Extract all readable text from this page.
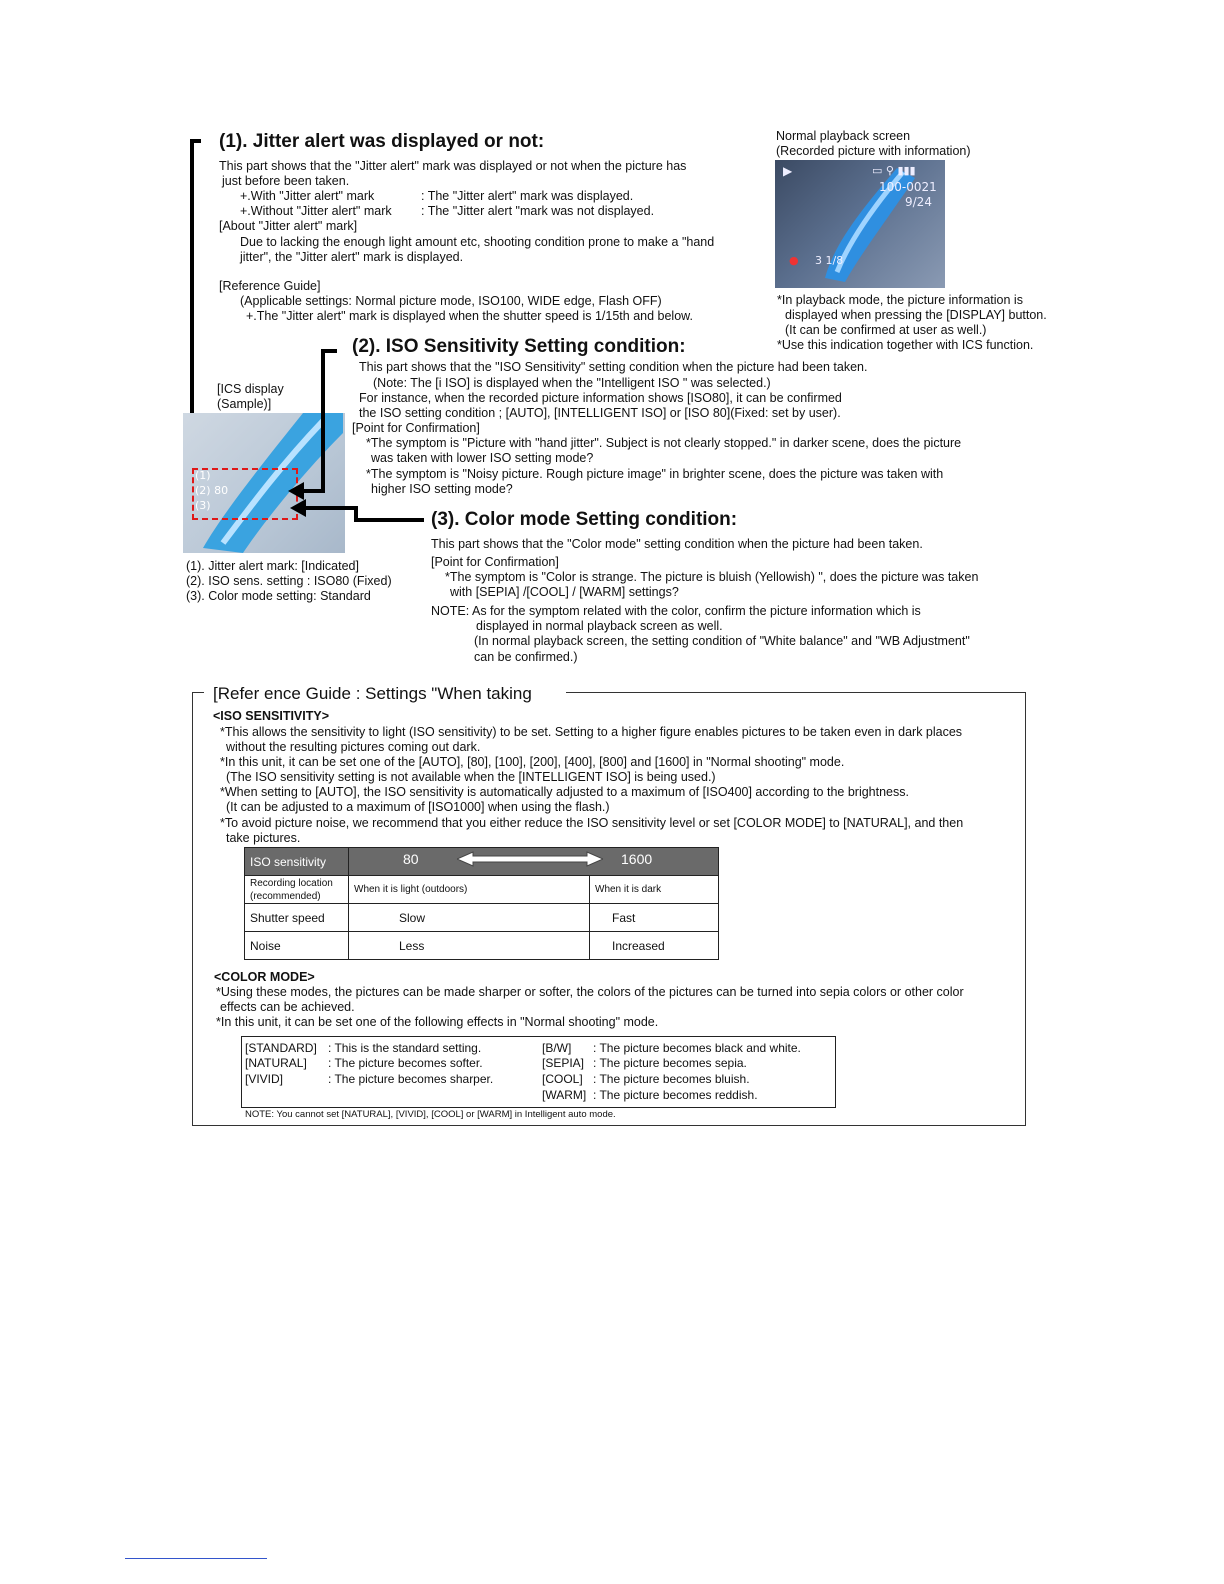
(1). Jitter alert was displayed or not:
This part shows that the "Jitter alert" mark was displayed or not when the picture has
just before been taken.
+.With "Jitter alert" mark	: The "Jitter alert" mark was displayed.
+.Without "Jitter alert" mark : The "Jitter alert "mark was not displayed.
[About "Jitter alert" mark]
Due to lacking the enough light amount etc, shooting condition prone to make a "hand
jitter", the "Jitter alert" mark is displayed.
[Reference Guide]
(Applicable settings: Normal picture mode, ISO100, WIDE edge, Flash OFF)
+.The "Jitter alert" mark is displayed when the shutter speed is 1/15th and below.
Normal playback screen
(Recorded picture with information)
▶	▭ ⚲ ▮▮▮
100-0021
9/24
● 3 1/8
*In playback mode, the picture information is
displayed when pressing the [DISPLAY] button.
(It can be confirmed at user as well.)
*Use this indication together with ICS function.
[ICS display
(Sample)]
(1)
(2) 80
(3)
(1). Jitter alert mark: [Indicated]
(2). ISO sens. setting : ISO80 (Fixed)
(3). Color mode setting: Standard
(2). ISO Sensitivity Setting condition:
This part shows that the "ISO Sensitivity" setting condition when the picture had been taken.
(Note: The [i ISO] is displayed when the "Intelligent ISO " was selected.)
For instance, when the recorded picture information shows [ISO80], it can be confirmed
the ISO setting condition ; [AUTO], [INTELLIGENT ISO] or [ISO 80](Fixed: set by user).
[Point for Confirmation]
*The symptom is "Picture with "hand jitter". Subject is not clearly stopped." in darker scene, does the picture
was taken with lower ISO setting mode?
*The symptom is "Noisy picture. Rough picture image" in brighter scene, does the picture was taken with
higher ISO setting mode?
(3). Color mode Setting condition:
This part shows that the "Color mode" setting condition when the picture had been taken.
[Point for Confirmation]
*The symptom is "Color is strange. The picture is bluish (Yellowish) ", does the picture was taken
with [SEPIA] /[COOL] / [WARM] settings?
NOTE: As for the symptom related with the color, confirm the picture information which is
displayed in normal playback screen as well.
(In normal playback screen, the setting condition of "White balance" and "WB Adjustment"
can be confirmed.)
[Refer ence Guide : Settings "When taking
<ISO SENSITIVITY>
*This allows the sensitivity to light (ISO sensitivity) to be set. Setting to a higher figure enables pictures to be taken even in dark places
without the resulting pictures coming out dark.
*In this unit, it can be set one of the [AUTO], [80], [100], [200], [400], [800] and [1600] in "Normal shooting" mode.
(The ISO sensitivity setting is not available when the [INTELLIGENT ISO] is being used.)
*When setting to [AUTO], the ISO sensitivity is automatically adjusted to a maximum of [ISO400] according to the brightness.
(It can be adjusted to a maximum of [ISO1000] when using the flash.)
*To avoid picture noise, we recommend that you either reduce the ISO sensitivity level or set [COLOR MODE] to [NATURAL], and then
take pictures.
ISO sensitivity	80 1600	

Recording location (recommended)	When it is light (outdoors)	When it is dark
Shutter speed	Slow	Fast
Noise	Less	Increased
<COLOR MODE>
*Using these modes, the pictures can be made sharper or softer, the colors of the pictures can be turned into sepia colors or other color
effects can be achieved.
*In this unit, it can be set one of the following effects in "Normal shooting" mode.
[STANDARD] : This is the standard setting.
[NATURAL] : The picture becomes softer.
[VIVID]	: The picture becomes sharper.
[B/W] : The picture becomes black and white.
[SEPIA] : The picture becomes sepia.
[COOL] : The picture becomes bluish.
[WARM] : The picture becomes reddish.
NOTE: You cannot set [NATURAL], [VIVID], [COOL] or [WARM] in Intelligent auto mode.
